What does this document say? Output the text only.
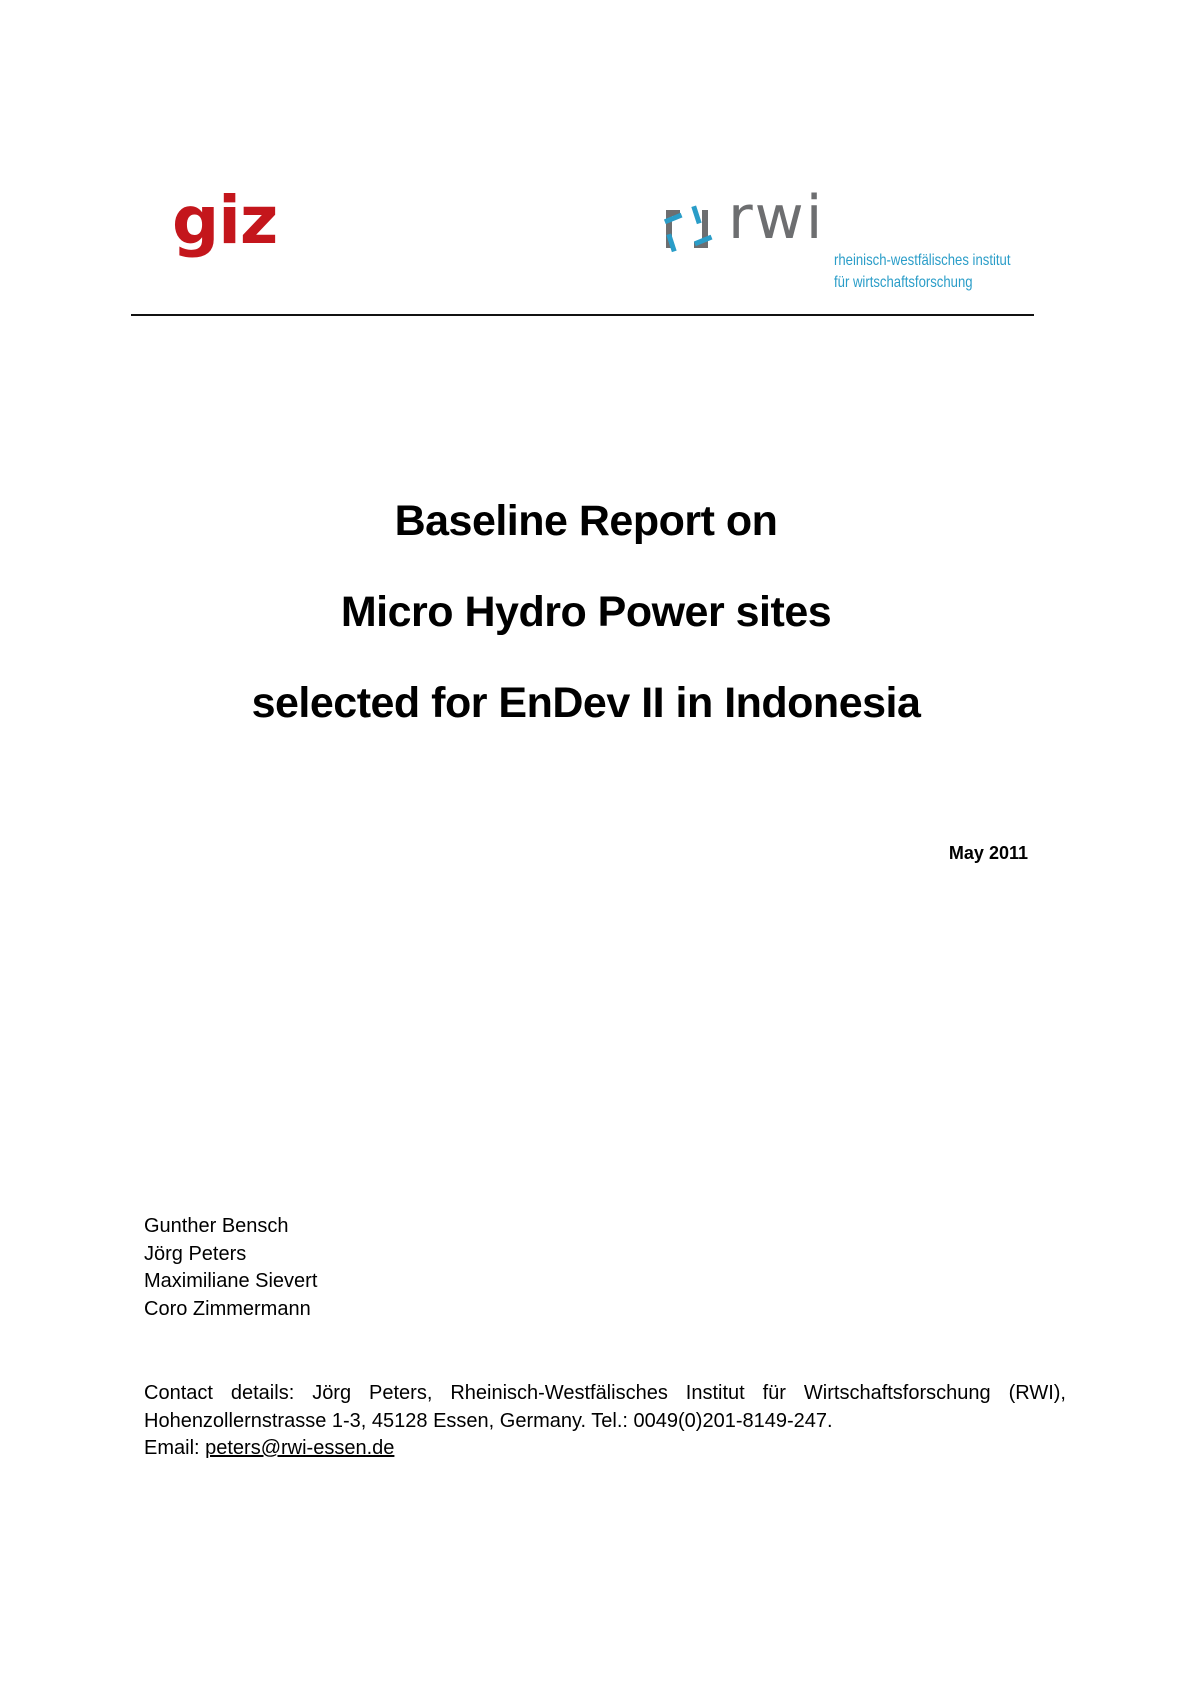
giz	rwi
rheinisch-westfälisches institut
für wirtschaftsforschung
Baseline Report on
Micro Hydro Power sites
selected for EnDev II in Indonesia
May 2011
Gunther Bensch
Jörg Peters
Maximiliane Sievert
Coro Zimmermann
Contact details: Jörg Peters, Rheinisch-Westfälisches Institut für Wirtschaftsforschung (RWI),
Hohenzollernstrasse 1-3, 45128 Essen, Germany. Tel.: 0049(0)201-8149-247.
Email: peters@rwi-essen.de
